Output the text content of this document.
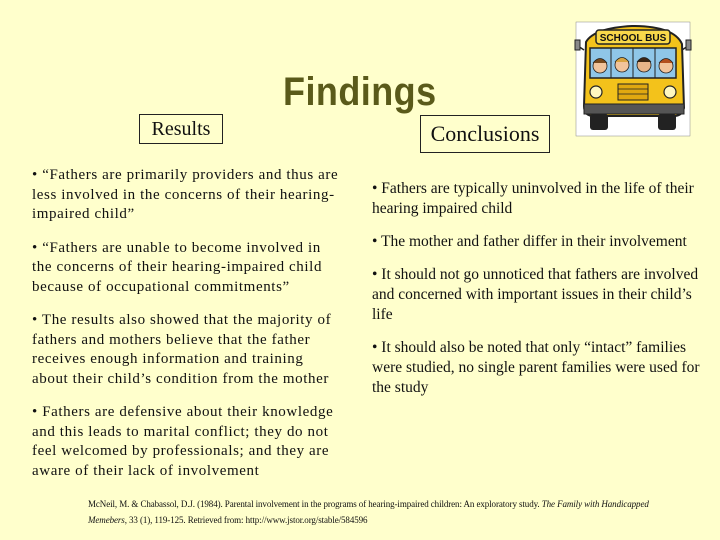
SCHOOL BUS
Findings
Results	Conclusions
• “Fathers are primarily providers and thus are less involved in the concerns of their hearing-impaired child”
• “Fathers are unable to become involved in the concerns of their hearing-impaired child because of occupational commitments”
• The results also showed that the majority of fathers and mothers believe that the father receives enough information and training about their child’s condition from the mother
• Fathers are defensive about their knowledge and this leads to marital conflict; they do not feel welcomed by professionals; and they are aware of their lack of involvement
• Fathers are typically uninvolved in the life of their hearing impaired child
• The mother and father differ in their involvement
• It should not go unnoticed that fathers are involved and concerned with important issues in their child’s life
• It should also be noted that only “intact” families were studied, no single parent families were used for the study
McNeil, M. & Chabassol, D.J. (1984). Parental involvement in the programs of hearing-impaired children: An exploratory study. The Family with Handicapped Memebers, 33 (1), 119-125. Retrieved from: http://www.jstor.org/stable/584596
